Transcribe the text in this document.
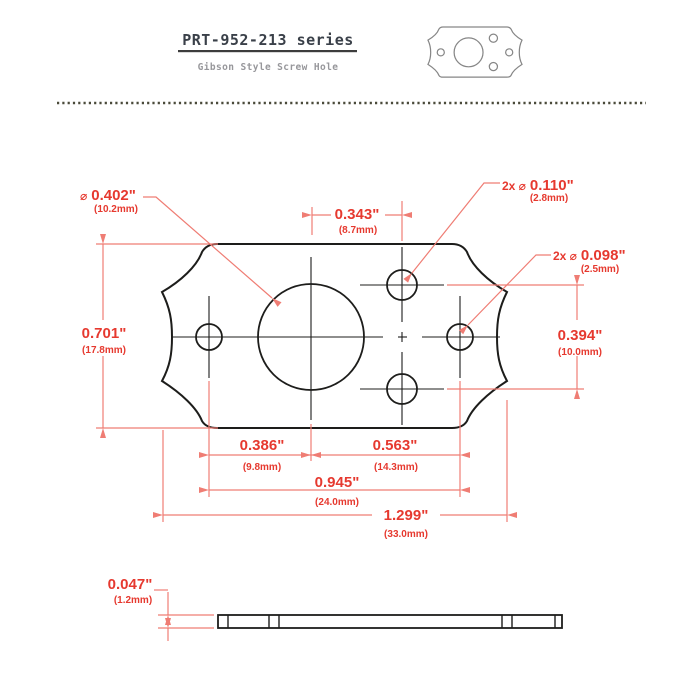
PRT-952-213 series
Gibson Style Screw Hole
⌀ 0.402"
(10.2mm)
2x ⌀ 0.110"
(2.8mm)
2x ⌀ 0.098"
(2.5mm)
0.343"
(8.7mm)
0.701"
(17.8mm)
0.394"
(10.0mm)
0.386"
(9.8mm)
0.563"
(14.3mm)
0.945"
(24.0mm)
1.299"
(33.0mm)
0.047"
(1.2mm)
